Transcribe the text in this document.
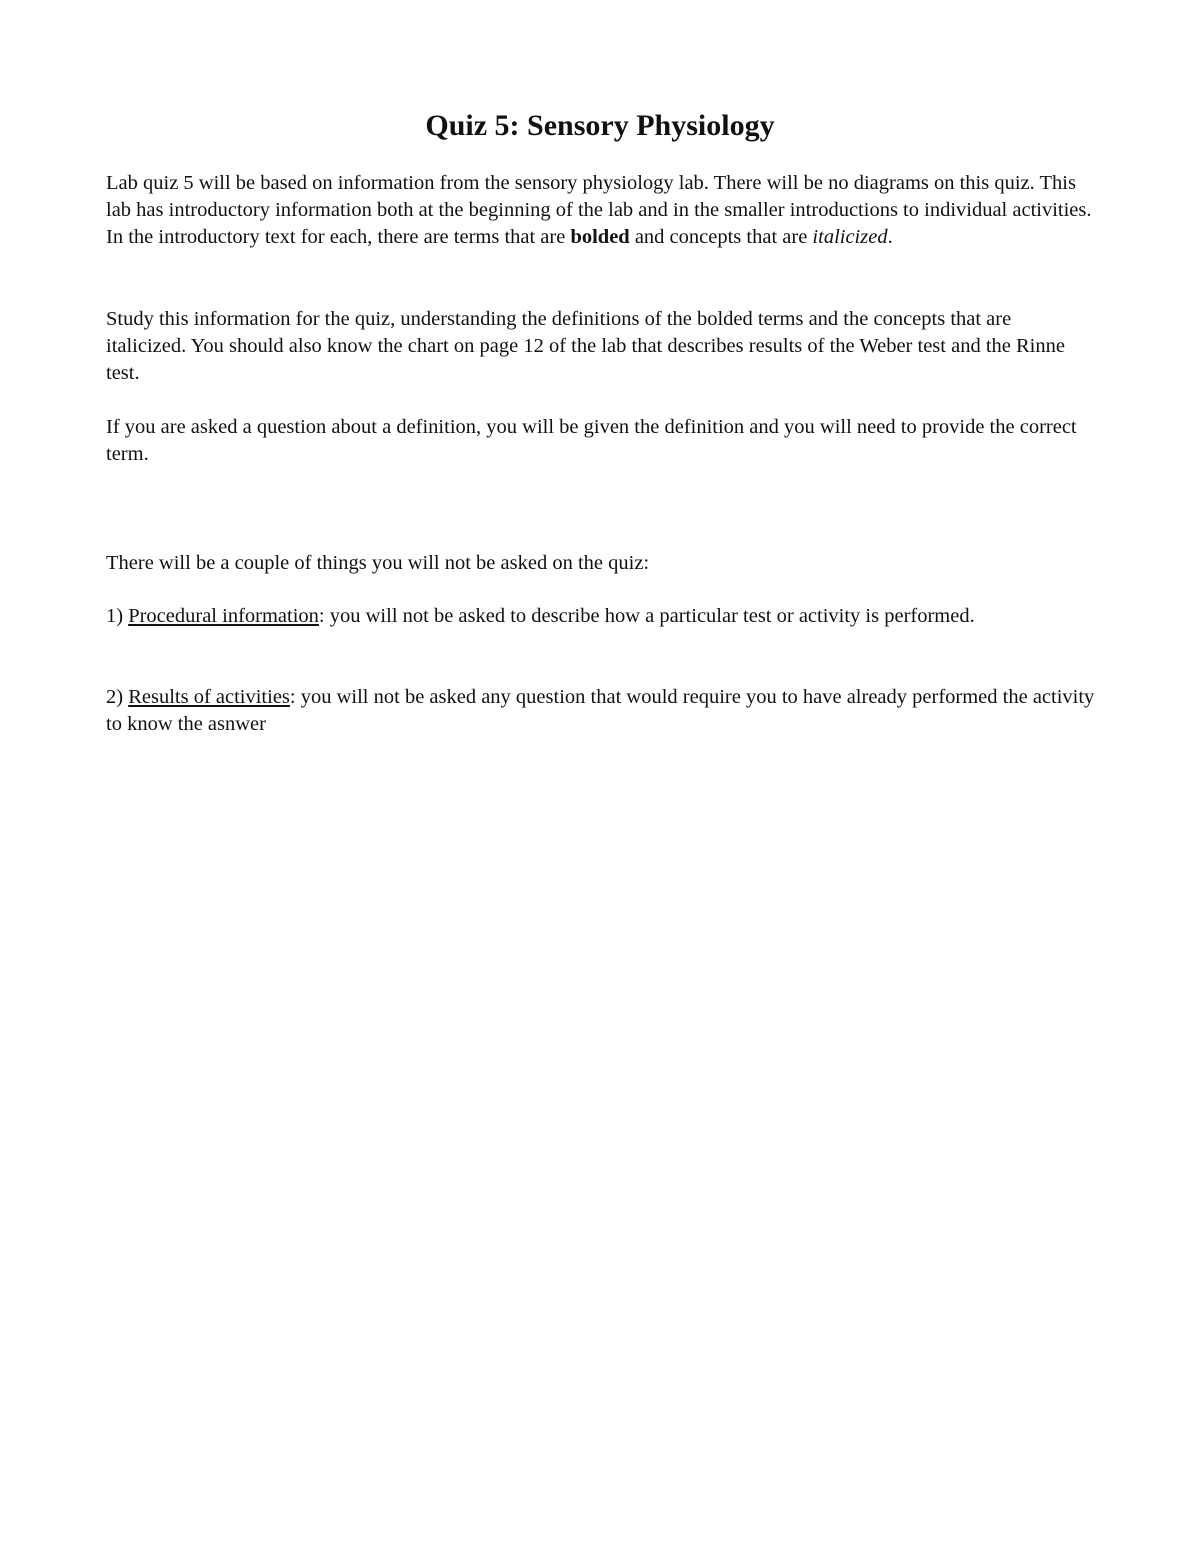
Quiz 5: Sensory Physiology

Lab quiz 5 will be based on information from the sensory physiology lab. There will be no diagrams on this quiz. This lab has introductory information both at the beginning of the lab and in the smaller introductions to individual activities. In the introductory text for each, there are terms that are bolded and concepts that are italicized.

Study this information for the quiz, understanding the definitions of the bolded terms and the concepts that are italicized. You should also know the chart on page 12 of the lab that describes results of the Weber test and the Rinne test.

If you are asked a question about a definition, you will be given the definition and you will need to provide the correct term.

There will be a couple of things you will not be asked on the quiz:

1) Procedural information: you will not be asked to describe how a particular test or activity is performed.

2) Results of activities: you will not be asked any question that would require you to have already performed the activity to know the asnwer
